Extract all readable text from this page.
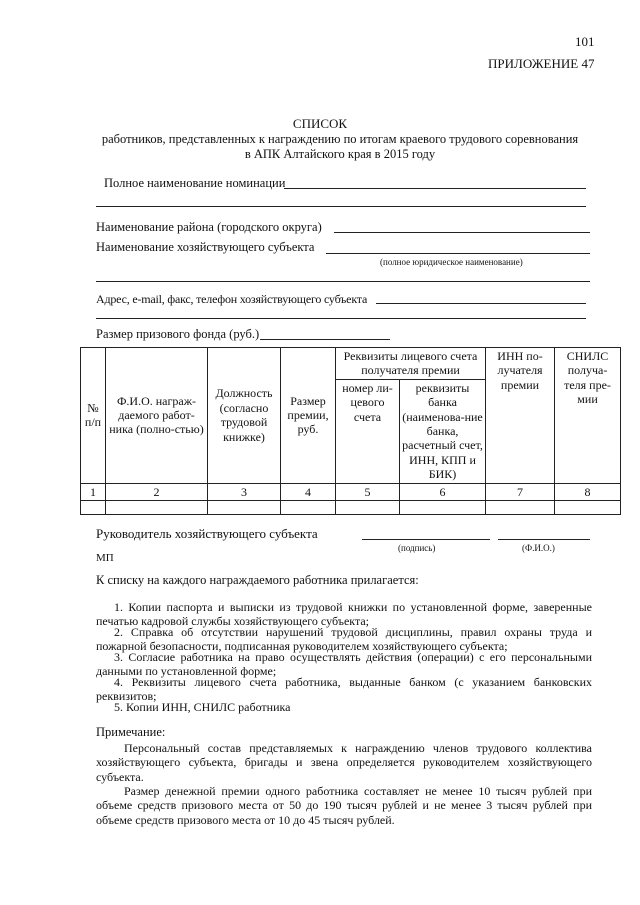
101
ПРИЛОЖЕНИЕ 47
СПИСОК
работников, представленных к награждению по итогам краевого трудового соревнования
в АПК Алтайского края в 2015 году
Полное наименование номинации
Наименование района (городского округа)
Наименование хозяйствующего субъекта
(полное юридическое наименование)
Адрес, e-mail, факс, телефон хозяйствующего субъекта
Размер призового фонда (руб.)
№ п/п	Ф.И.О. награж-даемого работ-ника (полно-стью)	Должность (согласно трудовой книжке)	Размер премии, руб.	Реквизиты лицевого счета получателя премии		ИНН по-лучателя премии	СНИЛС получа-теля пре-мии
				номер ли-цевого счета	реквизиты банка (наименова-ние банка, расчетный счет, ИНН, КПП и БИК)		
1	2	3	4	5	6	7	8

Руководитель хозяйствующего субъекта
(подпись)	(Ф.И.О.)
МП
К списку на каждого награждаемого работника прилагается:
1. Копии паспорта и выписки из трудовой книжки по установленной форме, заверенные печатью кадровой службы хозяйствующего субъекта;
2. Справка об отсутствии нарушений трудовой дисциплины, правил охраны труда и пожарной безопасности, подписанная руководителем хозяйствующего субъекта;
3. Согласие работника на право осуществлять действия (операции) с его персональными данными по установленной форме;
4. Реквизиты лицевого счета работника, выданные банком (с указанием банковских реквизитов;
5. Копии ИНН, СНИЛС работника
Примечание:
Персональный состав представляемых к награждению членов трудового коллектива хозяйствующего субъекта, бригады и звена определяется руководителем хозяйствующего субъекта.
Размер денежной премии одного работника составляет не менее 10 тысяч рублей при объеме средств призового места от 50 до 190 тысяч рублей и не менее 3 тысяч рублей при объеме средств призового места от 10 до 45 тысяч рублей.
